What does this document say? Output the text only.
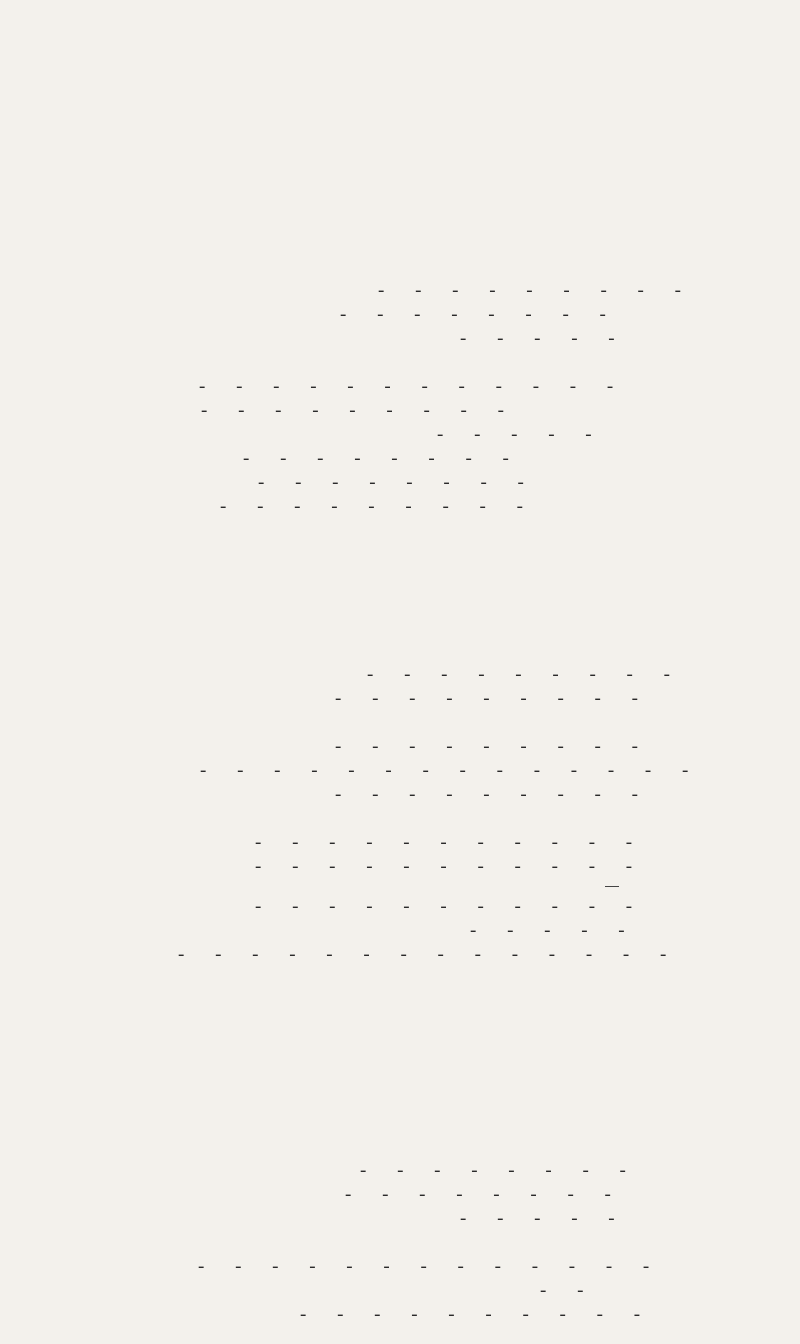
- - - - - - - - -
- - - - - - - -
- - - - -
- - - - - - - - - - - -
- - - - - - - - -
- - - - -
- - - - - - - -
- - - - - - - -
- - - - - - - - -
- - - - - - - - -
- - - - - - - - -
- - - - - - - - -
- - - - - - - - - - - - - -
- - - - - - - - -
- - - - - - - - - - -
- - - - - - - - - - -
- - - - - - - - - - -
- - - - -
- - - - - - - - - - - - - -
- - - - - - - -
- - - - - - - -
- - - - -
- - - - - - - - - - - - -
- -
- - - - - - - - - -
